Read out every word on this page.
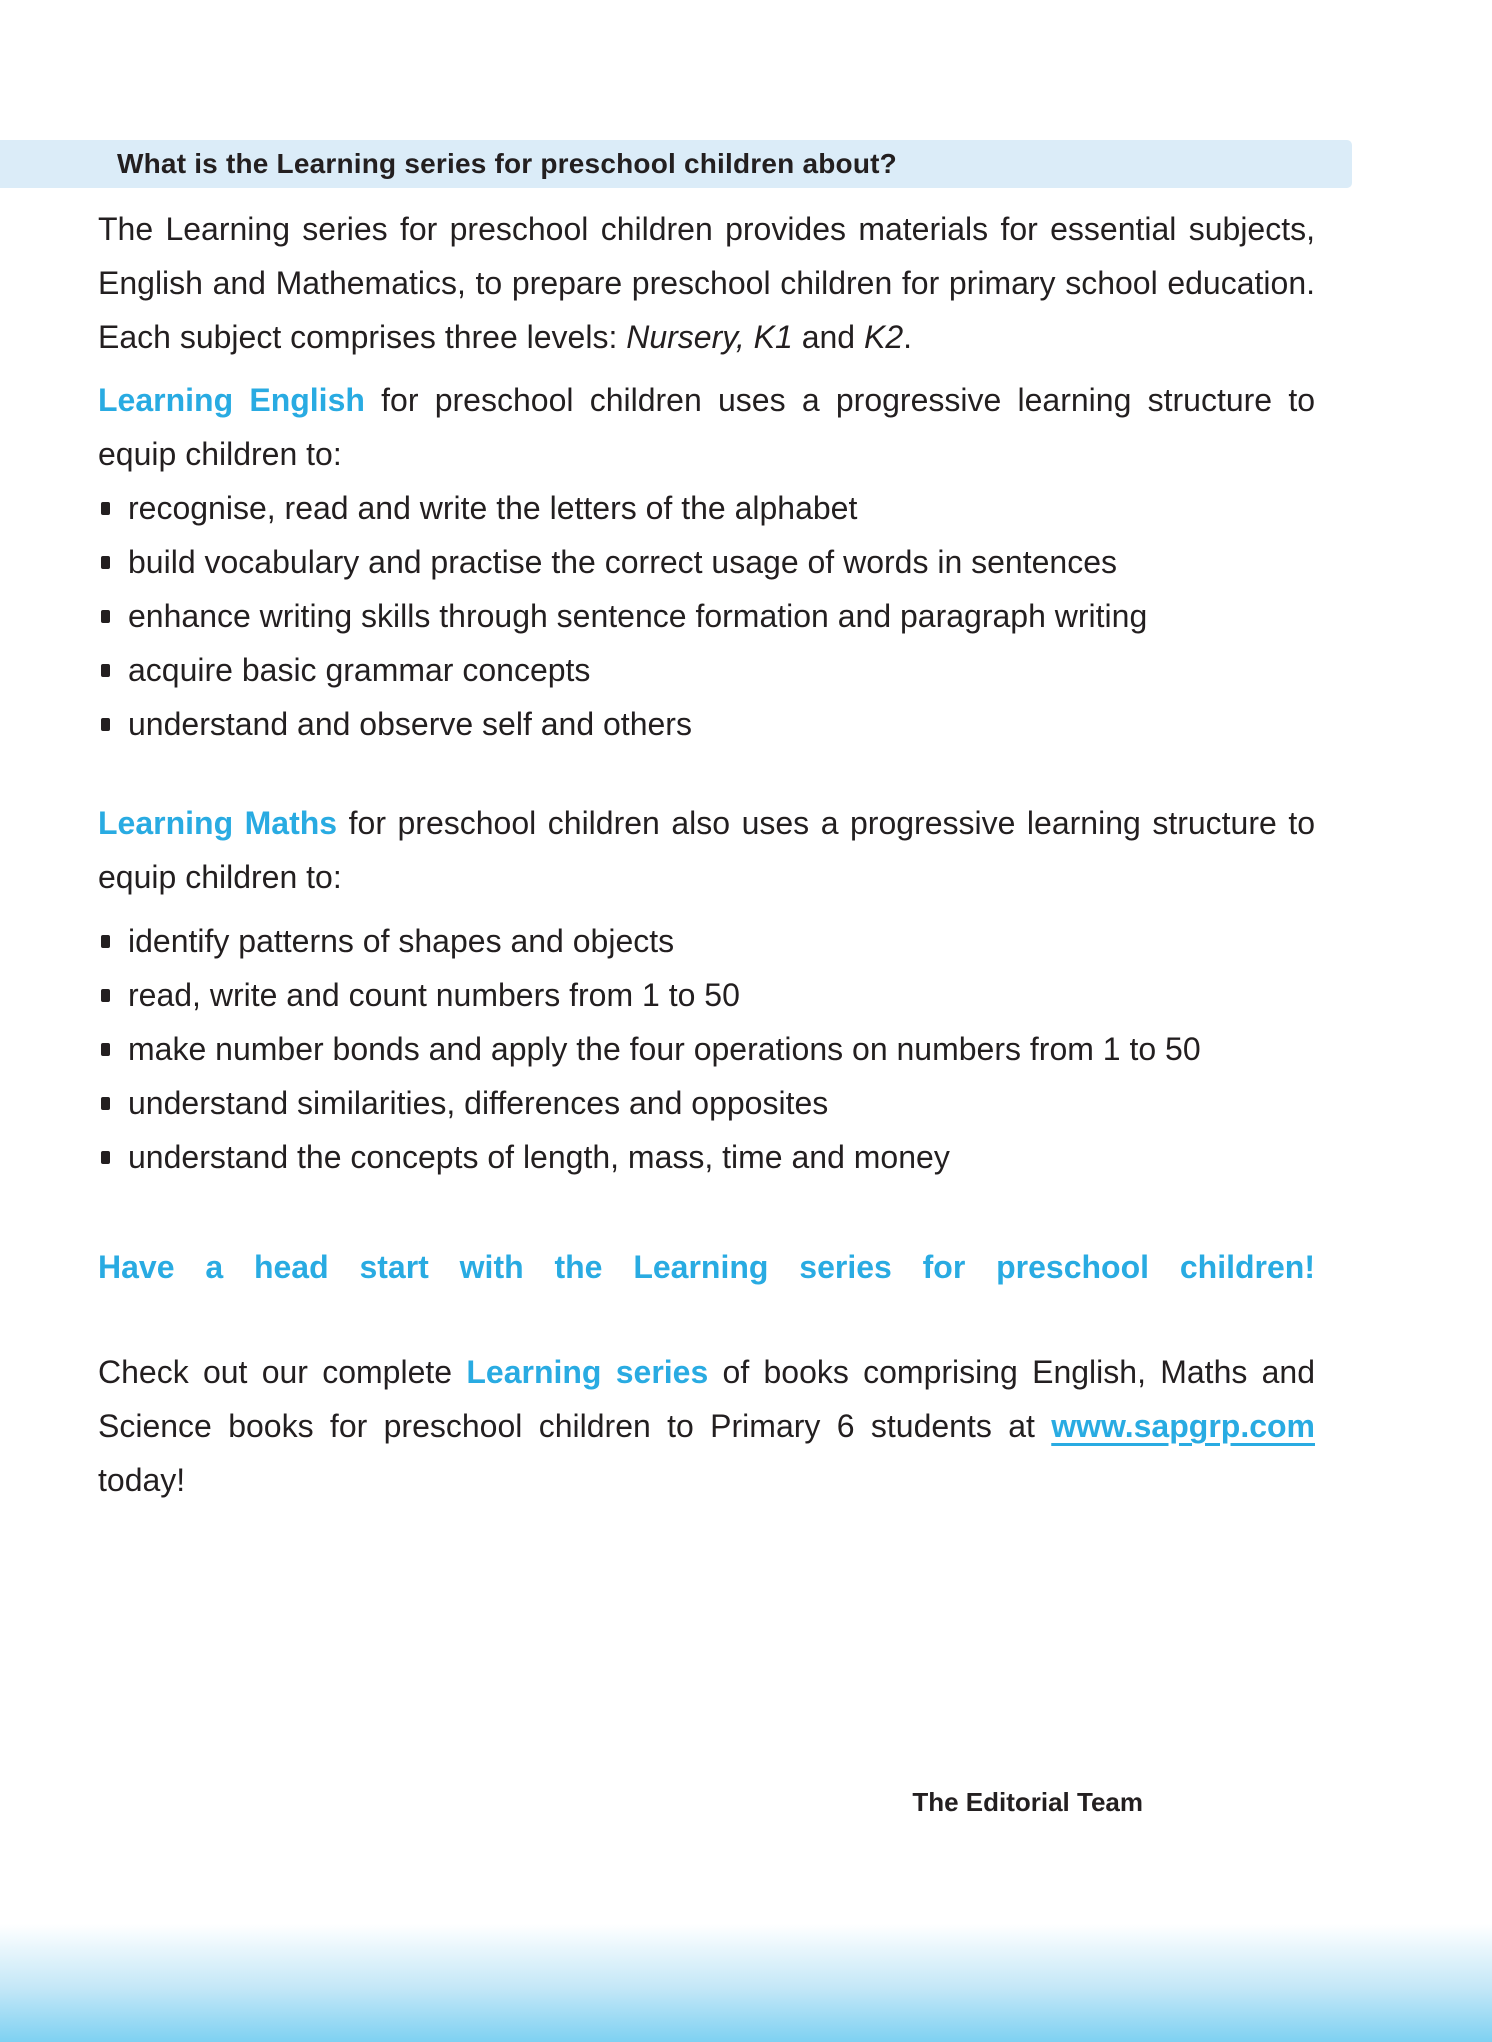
What is the Learning series for preschool children about?

The Learning series for preschool children provides materials for essential subjects, English and Mathematics, to prepare preschool children for primary school education. Each subject comprises three levels: Nursery, K1 and K2.

Learning English for preschool children uses a progressive learning structure to equip children to:

recognise, read and write the letters of the alphabet
build vocabulary and practise the correct usage of words in sentences
enhance writing skills through sentence formation and paragraph writing
acquire basic grammar concepts
understand and observe self and others

Learning Maths for preschool children also uses a progressive learning structure to equip children to:

identify patterns of shapes and objects
read, write and count numbers from 1 to 50
make number bonds and apply the four operations on numbers from 1 to 50
understand similarities, differences and opposites
understand the concepts of length, mass, time and money

Have a head start with the Learning series for preschool children!

Check out our complete Learning series of books comprising English, Maths and Science books for preschool children to Primary 6 students at www.sapgrp.com today!

The Editorial Team
